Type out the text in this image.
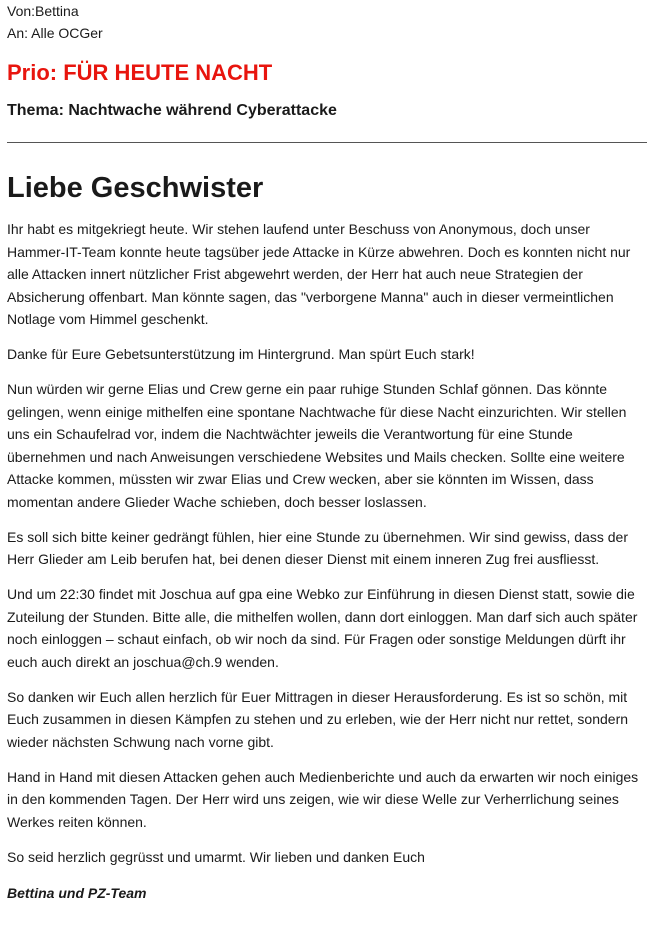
Von:Bettina
An: Alle OCGer
Prio: FÜR HEUTE NACHT
Thema: Nachtwache während Cyberattacke
Liebe Geschwister

Ihr habt es mitgekriegt heute. Wir stehen laufend unter Beschuss von Anonymous, doch unser Hammer-IT-Team konnte heute tagsüber jede Attacke in Kürze abwehren. Doch es konnten nicht nur alle Attacken innert nützlicher Frist abgewehrt werden, der Herr hat auch neue Strategien der Absicherung offenbart. Man könnte sagen, das "verborgene Manna" auch in dieser vermeintlichen Notlage vom Himmel geschenkt.

Danke für Eure Gebetsunterstützung im Hintergrund. Man spürt Euch stark!

Nun würden wir gerne Elias und Crew gerne ein paar ruhige Stunden Schlaf gönnen. Das könnte gelingen, wenn einige mithelfen eine spontane Nachtwache für diese Nacht einzurichten. Wir stellen uns ein Schaufelrad vor, indem die Nachtwächter jeweils die Verantwortung für eine Stunde übernehmen und nach Anweisungen verschiedene Websites und Mails checken. Sollte eine weitere Attacke kommen, müssten wir zwar Elias und Crew wecken, aber sie könnten im Wissen, dass momentan andere Glieder Wache schieben, doch besser loslassen.

Es soll sich bitte keiner gedrängt fühlen, hier eine Stunde zu übernehmen. Wir sind gewiss, dass der Herr Glieder am Leib berufen hat, bei denen dieser Dienst mit einem inneren Zug frei ausfliesst.

Und um 22:30 findet mit Joschua auf gpa eine Webko zur Einführung in diesen Dienst statt, sowie die Zuteilung der Stunden. Bitte alle, die mithelfen wollen, dann dort einloggen. Man darf sich auch später noch einloggen – schaut einfach, ob wir noch da sind. Für Fragen oder sonstige Meldungen dürft ihr euch auch direkt an joschua@ch.9 wenden.

So danken wir Euch allen herzlich für Euer Mittragen in dieser Herausforderung. Es ist so schön, mit Euch zusammen in diesen Kämpfen zu stehen und zu erleben, wie der Herr nicht nur rettet, sondern wieder nächsten Schwung nach vorne gibt.

Hand in Hand mit diesen Attacken gehen auch Medienberichte und auch da erwarten wir noch einiges in den kommenden Tagen. Der Herr wird uns zeigen, wie wir diese Welle zur Verherrlichung seines Werkes reiten können.

So seid herzlich gegrüsst und umarmt. Wir lieben und danken Euch

Bettina und PZ-Team
